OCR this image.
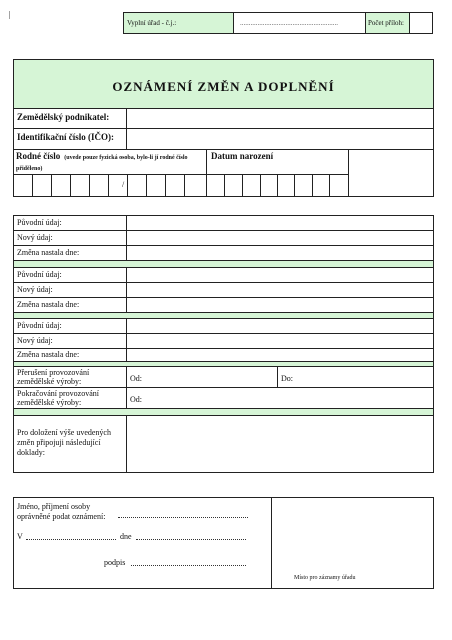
|
Vyplní úřad - č.j.:	........................................................	Počet příloh:
OZNÁMENÍ ZMĚN A DOPLNĚNÍ
Zemědělský podnikatel:
Identifikační číslo (IČO):
Rodné číslo (uvede pouze fyzická osoba, bylo-li jí rodné číslo přiděleno)
Datum narození
/
Původní údaj:
Nový údaj:
Změna nastala dne:
Původní údaj:
Nový údaj:
Změna nastala dne:
Původní údaj:
Nový údaj:
Změna nastala dne:
Přerušení provozování zemědělské výroby:	Od:	Do:
Pokračování provozování zemědělské výroby:	Od:
Pro doložení výše uvedených změn připojuji následující doklady:
Jméno, příjmení osoby
oprávněné podat oznámení:
V	dne
podpis
Místo pro záznamy úřadu
